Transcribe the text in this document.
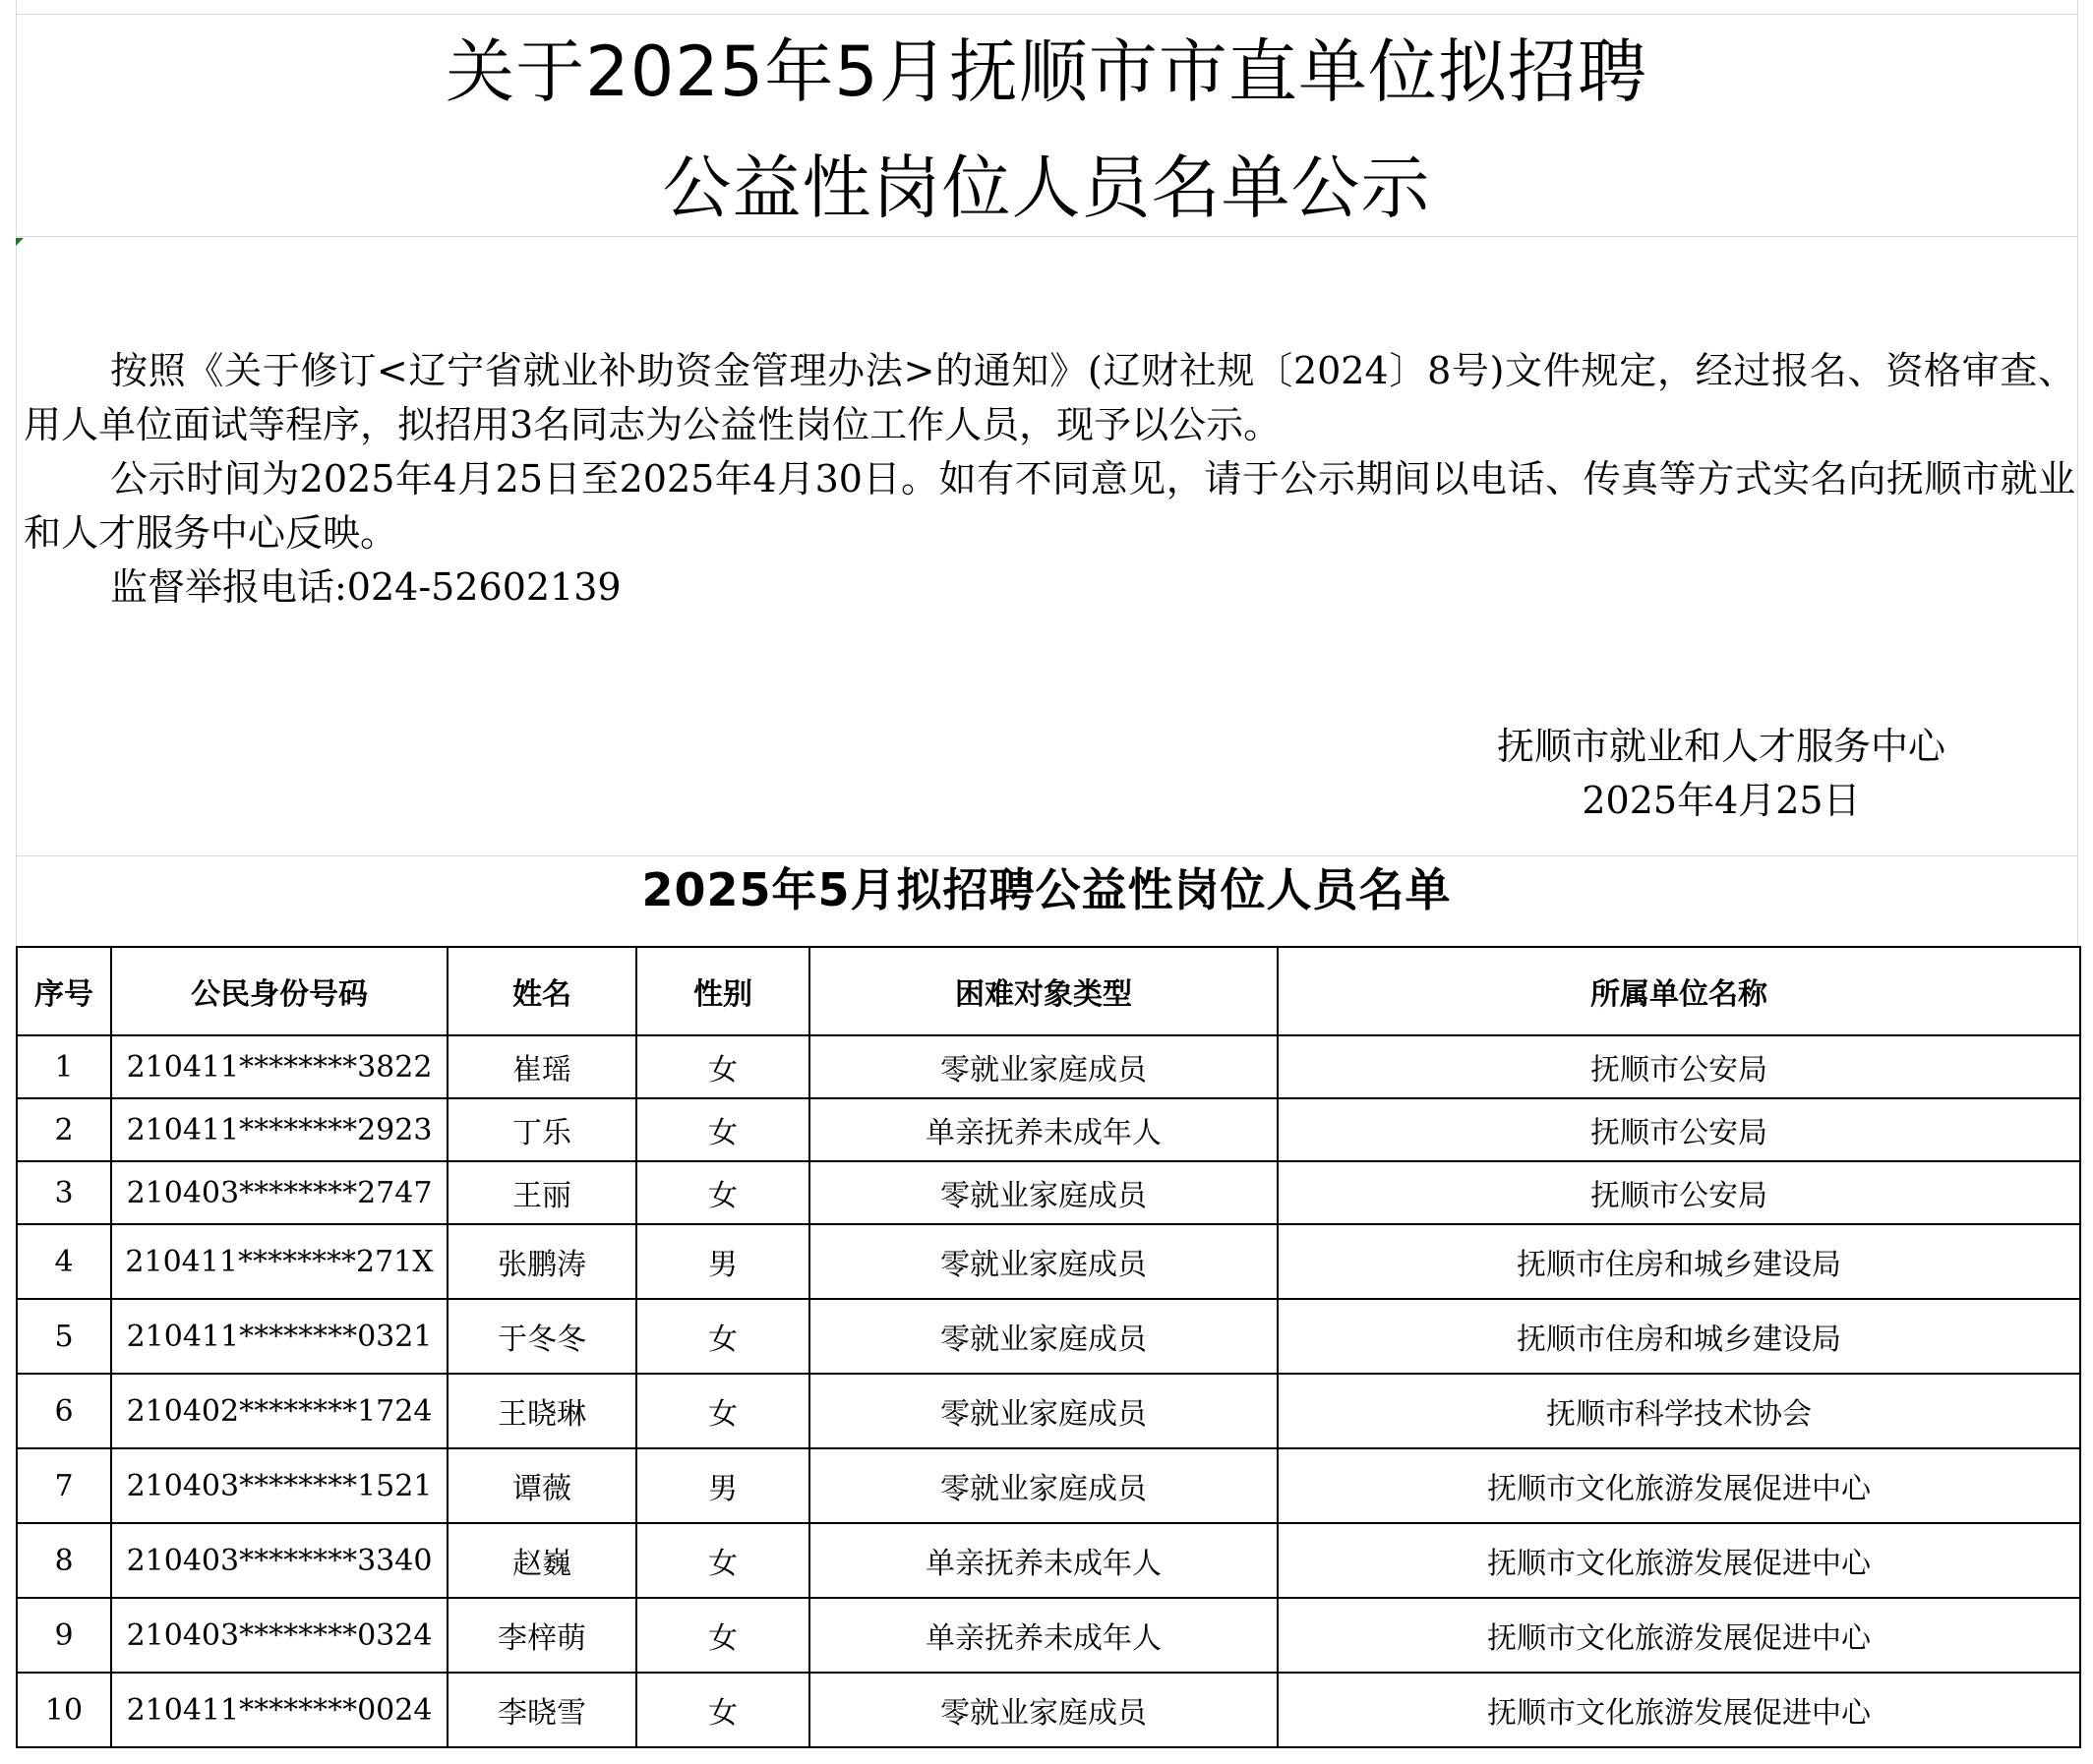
关于2025年5月抚顺市市直单位拟招聘
公益性岗位人员名单公示

按照《关于修订<辽宁省就业补助资金管理办法>的通知》(辽财社规〔2024〕8号)文件规定，经过报名、资格审查、用人单位面试等程序，拟招用3名同志为公益性岗位工作人员，现予以公示。

公示时间为2025年4月25日至2025年4月30日。如有不同意见，请于公示期间以电话、传真等方式实名向抚顺市就业和人才服务中心反映。

监督举报电话:024-52602139

抚顺市就业和人才服务中心
2025年4月25日
2025年5月拟招聘公益性岗位人员名单
序号	公民身份号码	姓名	性别	困难对象类型	所属单位名称
1	210411********3822	崔瑶	女	零就业家庭成员	抚顺市公安局
2	210411********2923	丁乐	女	单亲抚养未成年人	抚顺市公安局
3	210403********2747	王丽	女	零就业家庭成员	抚顺市公安局
4	210411********271X	张鹏涛	男	零就业家庭成员	抚顺市住房和城乡建设局
5	210411********0321	于冬冬	女	零就业家庭成员	抚顺市住房和城乡建设局
6	210402********1724	王晓琳	女	零就业家庭成员	抚顺市科学技术协会
7	210403********1521	谭薇	男	零就业家庭成员	抚顺市文化旅游发展促进中心
8	210403********3340	赵巍	女	单亲抚养未成年人	抚顺市文化旅游发展促进中心
9	210403********0324	李梓萌	女	单亲抚养未成年人	抚顺市文化旅游发展促进中心
10	210411********0024	李晓雪	女	零就业家庭成员	抚顺市文化旅游发展促进中心
